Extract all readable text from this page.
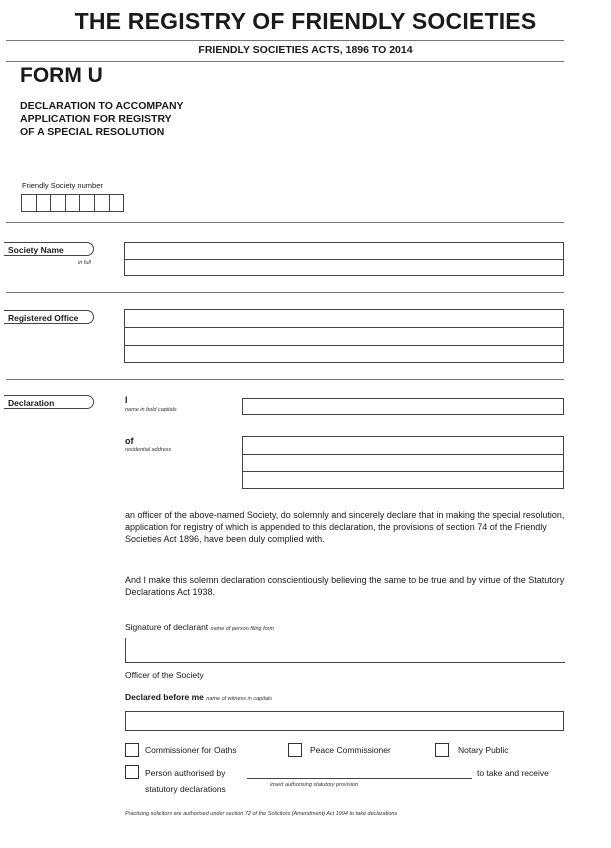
THE REGISTRY OF FRIENDLY SOCIETIES
FRIENDLY SOCIETIES ACTS, 1896 TO 2014
FORM U
DECLARATION TO ACCOMPANY
APPLICATION FOR REGISTRY
OF A SPECIAL RESOLUTION
Friendly Society number
Society Name
in full
Registered Office
Declaration	I
name in bold capitals
of
residential address
an officer of the above-named Society, do solemnly and sincerely declare that in making the special resolution, application for registry of which is appended to this declaration, the provisions of section 74 of the Friendly Societies Act 1896, have been duly complied with.
And I make this solemn declaration conscientiously believing the same to be true and by virtue of the Statutory Declarations Act 1938.
Signature of declarant name of person filing form
Officer of the Society
Declared before me name of witness in capitals
Commissioner for Oaths	Peace Commissioner	Notary Public
Person authorised by
insert authorising statutory provision
to take and receive
statutory declarations
Practising solicitors are authorised under section 72 of the Solicitors (Amendment) Act 1994 to take declarations
